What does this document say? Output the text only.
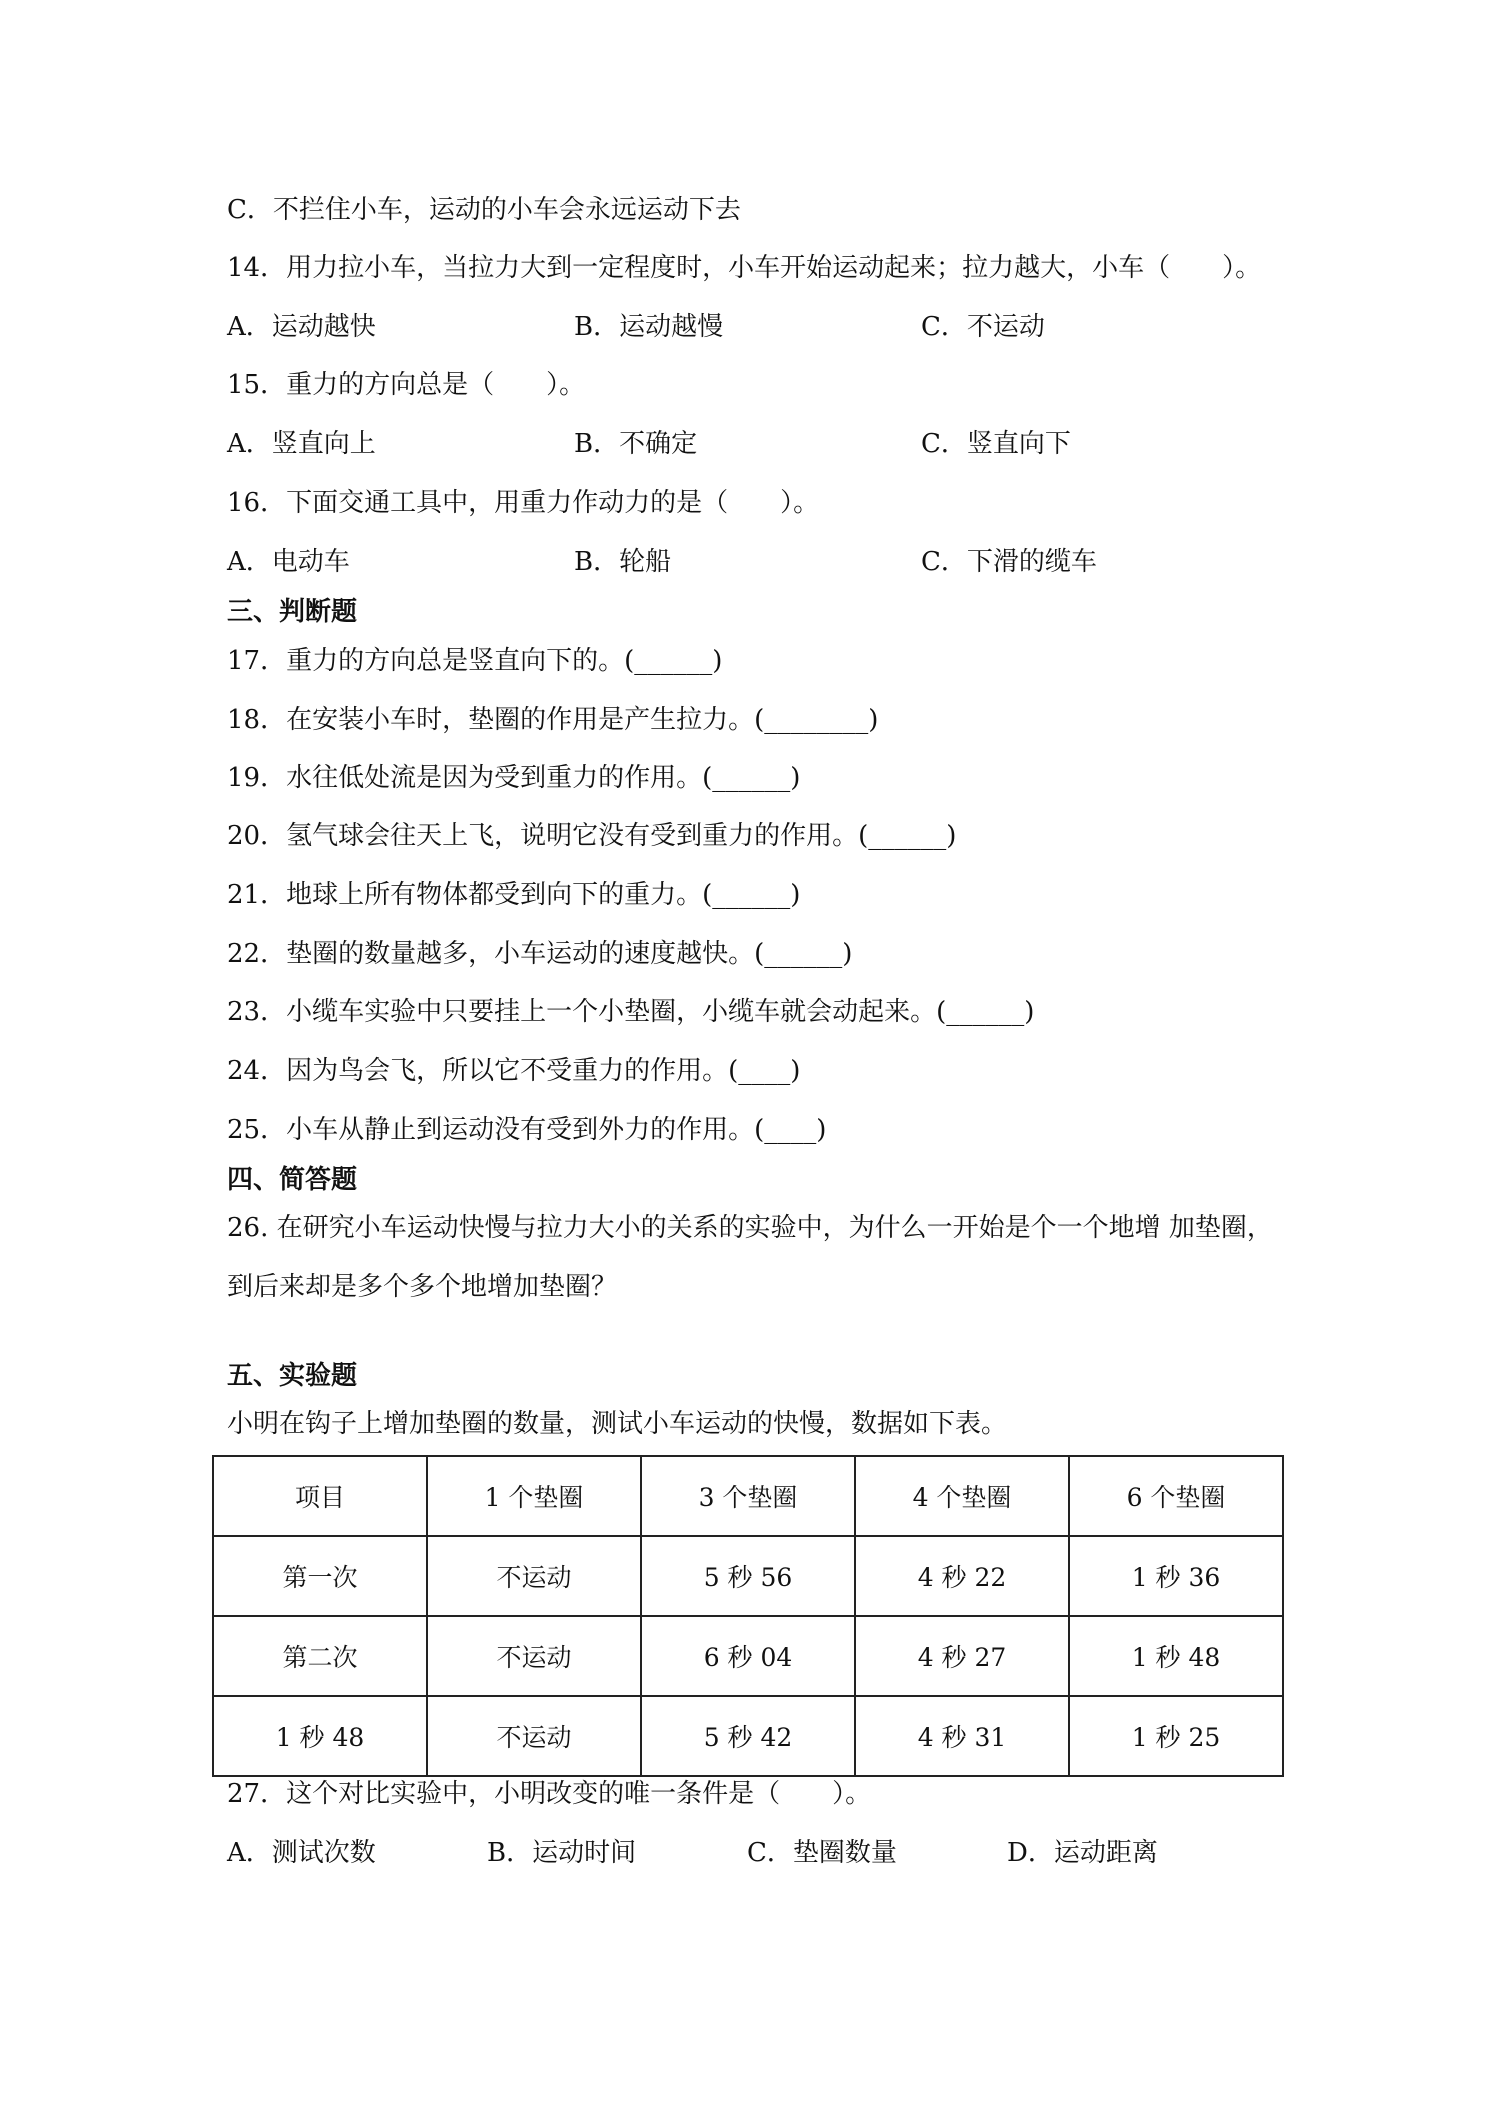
C．不拦住小车，运动的小车会永远运动下去
14．用力拉小车，当拉力大到一定程度时，小车开始运动起来；拉力越大，小车（　　）。
A．运动越快	B．运动越慢	C．不运动
15．重力的方向总是（　　）。
A．竖直向上	B．不确定	C．竖直向下
16．下面交通工具中，用重力作动力的是（　　）。
A．电动车	B．轮船	C．下滑的缆车
三、判断题
17．重力的方向总是竖直向下的。(______)
18．在安装小车时，垫圈的作用是产生拉力。(________)
19．水往低处流是因为受到重力的作用。(______)
20．氢气球会往天上飞，说明它没有受到重力的作用。(______)
21．地球上所有物体都受到向下的重力。(______)
22．垫圈的数量越多，小车运动的速度越快。(______)
23．小缆车实验中只要挂上一个小垫圈，小缆车就会动起来。(______)
24．因为鸟会飞，所以它不受重力的作用。(____)
25．小车从静止到运动没有受到外力的作用。(____)
四、简答题
26. 在研究小车运动快慢与拉力大小的关系的实验中，为什么一开始是个一个地增 加垫圈，
到后来却是多个多个地增加垫圈？
五、实验题
小明在钩子上增加垫圈的数量，测试小车运动的快慢，数据如下表。
项目	1 个垫圈	3 个垫圈	4 个垫圈	6 个垫圈
第一次	不运动	5 秒 56	4 秒 22	1 秒 36
第二次	不运动	6 秒 04	4 秒 27	1 秒 48
1 秒 48	不运动	5 秒 42	4 秒 31	1 秒 25
27．这个对比实验中，小明改变的唯一条件是（　　）。
A．测试次数	B．运动时间	C．垫圈数量	D．运动距离
